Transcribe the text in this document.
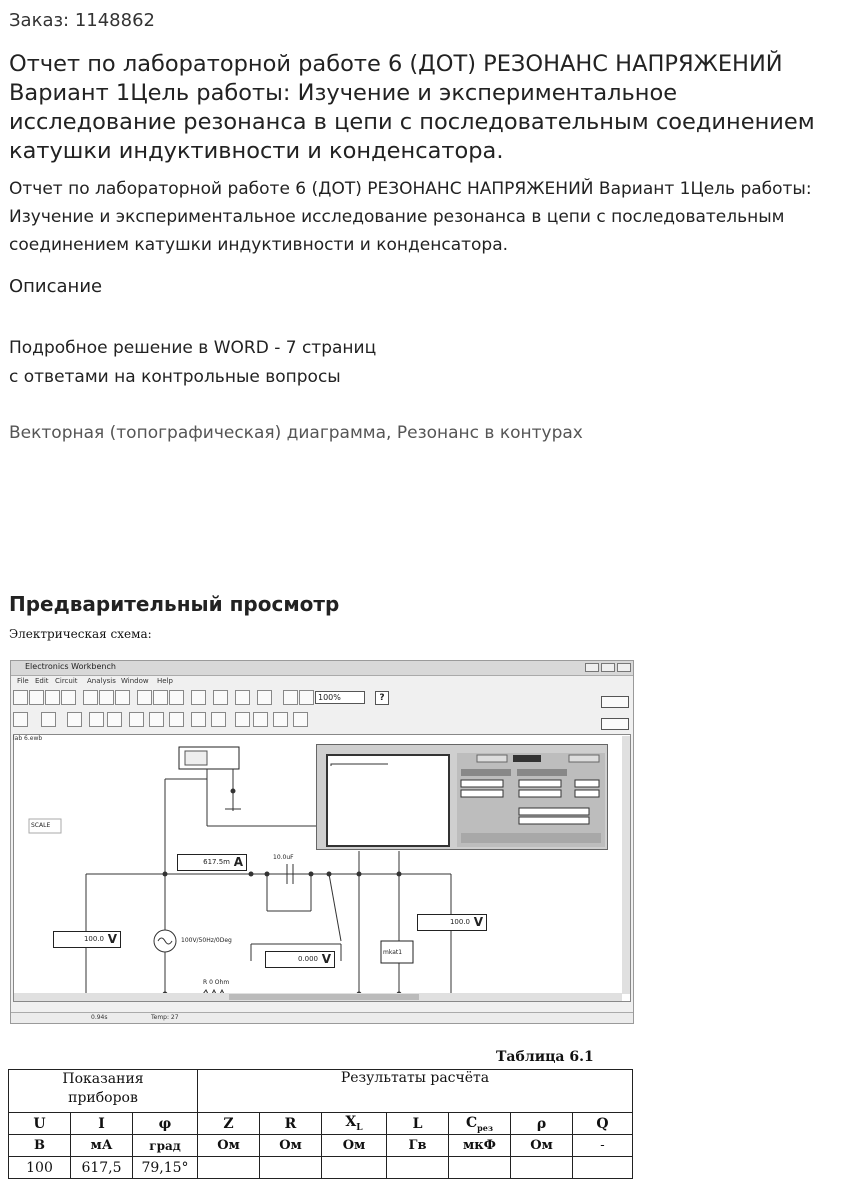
Заказ: 1148862
Отчет по лабораторной работе 6 (ДОТ) РЕЗОНАНС НАПРЯЖЕНИЙ Вариант 1Цель работы: Изучение и экспериментальное исследование резонанса в цепи с последовательным соединением катушки индуктивности и конденсатора.
Отчет по лабораторной работе 6 (ДОТ) РЕЗОНАНС НАПРЯЖЕНИЙ Вариант 1Цель работы: Изучение и экспериментальное исследование резонанса в цепи с последовательным соединением катушки индуктивности и конденсатора.
Описание
Подробное решение в WORD - 7 страниц
с ответами на контрольные вопросы
Векторная (топографическая) диаграмма, Резонанс в контурах
Предварительный просмотр
Электрическая схема:
Electronics Workbench
File Edit Circuit Analysis Window Help
100%	?
lab 6.ewb
SCALE
100V/50Hz/0Deg
R 0 Ohm
10.0uF
mkat1
617.5m A
100.0 V
0.000 V
100.0 V
0.94s	Temp: 27
Таблица 6.1
Показания приборов			Результаты расчёта						
U	I	φ	Z	R	$X_L$	L	$C_{рез}$	ρ	Q
В	мА	град	Ом	Ом	Ом	Гв	мкФ	Ом	-
100	617,5	79,15°							
